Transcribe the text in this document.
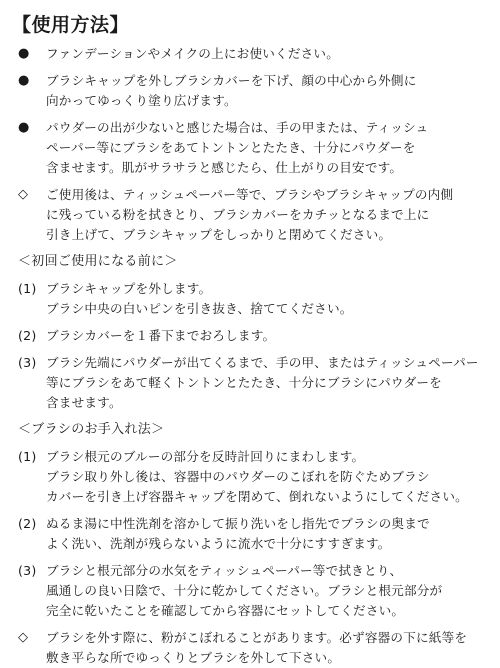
【使用方法】
●	ファンデーションやメイクの上にお使いください。
●	ブラシキャップを外しブラシカバーを下げ、顔の中心から外側に
向かってゆっくり塗り広げます。
●	パウダーの出が少ないと感じた場合は、手の甲または、ティッシュ
ペーパー等にブラシをあてトントンとたたき、十分にパウダーを
含ませます。肌がサラサラと感じたら、仕上がりの目安です。
◇	ご使用後は、ティッシュペーパー等で、ブラシやブラシキャップの内側
に残っている粉を拭きとり、ブラシカバーをカチッとなるまで上に
引き上げて、ブラシキャップをしっかりと閉めてください。
＜初回ご使用になる前に＞
(1) ブラシキャップを外します。
ブラシ中央の白いピンを引き抜き、捨ててください。
(2) ブラシカバーを１番下までおろします。
(3) ブラシ先端にパウダーが出てくるまで、手の甲、またはティッシュペーパー
等にブラシをあて軽くトントンとたたき、十分にブラシにパウダーを
含ませます。
＜ブラシのお手入れ法＞
(1) ブラシ根元のブルーの部分を反時計回りにまわします。
ブラシ取り外し後は、容器中のパウダーのこぼれを防ぐためブラシ
カバーを引き上げ容器キャップを閉めて、倒れないようにしてください。
(2) ぬるま湯に中性洗剤を溶かして振り洗いをし指先でブラシの奥まで
よく洗い、洗剤が残らないように流水で十分にすすぎます。
(3) ブラシと根元部分の水気をティッシュペーパー等で拭きとり、
風通しの良い日陰で、十分に乾かしてください。ブラシと根元部分が
完全に乾いたことを確認してから容器にセットしてください。
◇	ブラシを外す際に、粉がこぼれることがあります。必ず容器の下に紙等を
敷き平らな所でゆっくりとブラシを外して下さい。
